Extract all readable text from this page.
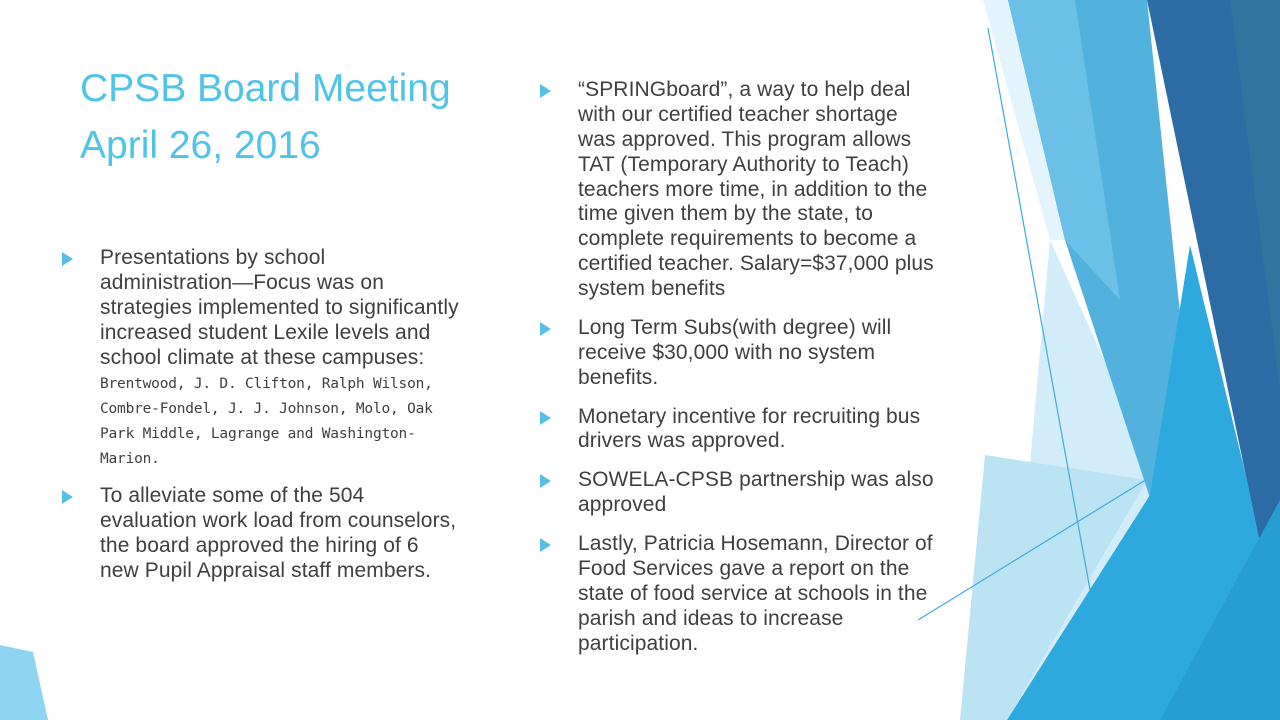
CPSB Board Meeting
April 26, 2016

Presentations by school administration—Focus was on strategies implemented to significantly increased student Lexile levels and school climate at these campuses: Brentwood, J. D. Clifton, Ralph Wilson, Combre-Fondel, J. J. Johnson, Molo, Oak Park Middle, Lagrange and Washington-Marion.

To alleviate some of the 504 evaluation work load from counselors, the board approved the hiring of 6 new Pupil Appraisal staff members.

“SPRINGboard”, a way to help deal with our certified teacher shortage was approved. This program allows TAT (Temporary Authority to Teach) teachers more time, in addition to the time given them by the state, to complete requirements to become a certified teacher. Salary=$37,000 plus system benefits

Long Term Subs(with degree) will receive $30,000 with no system benefits.

Monetary incentive for recruiting bus drivers was approved.

SOWELA-CPSB partnership was also approved

Lastly, Patricia Hosemann, Director of Food Services gave a report on the state of food service at schools in the parish and ideas to increase participation.
